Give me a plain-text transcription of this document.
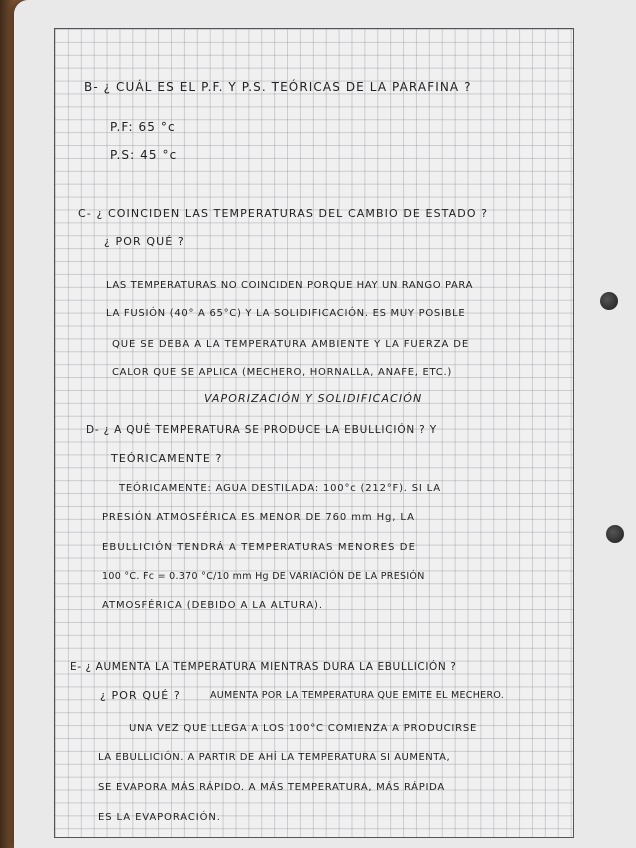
B- ¿ CUÁL ES EL P.F. Y P.S. TEÓRICAS DE LA PARAFINA ?
P.F: 65 °c
P.S: 45 °c
C- ¿ COINCIDEN LAS TEMPERATURAS DEL CAMBIO DE ESTADO ?
¿ POR QUÉ ?
LAS TEMPERATURAS NO COINCIDEN PORQUE HAY UN RANGO PARA
LA FUSIÓN (40° A 65°C) Y LA SOLIDIFICACIÓN. ES MUY POSIBLE
QUE SE DEBA A LA TEMPERATURA AMBIENTE Y LA FUERZA DE
CALOR QUE SE APLICA (MECHERO, HORNALLA, ANAFE, ETC.)
VAPORIZACIÓN Y SOLIDIFICACIÓN
D- ¿ A QUÉ TEMPERATURA SE PRODUCE LA EBULLICIÓN ? Y
TEÓRICAMENTE ?
TEÓRICAMENTE: AGUA DESTILADA: 100°c (212°F). SI LA
PRESIÓN ATMOSFÉRICA ES MENOR DE 760 mm Hg, LA
EBULLICIÓN TENDRÁ A TEMPERATURAS MENORES DE
100 °C. Fc = 0.370 °C/10 mm Hg DE VARIACIÓN DE LA PRESIÓN
ATMOSFÉRICA (DEBIDO A LA ALTURA).
E- ¿ AUMENTA LA TEMPERATURA MIENTRAS DURA LA EBULLICIÓN ?
¿ POR QUÉ ?	AUMENTA POR LA TEMPERATURA QUE EMITE EL MECHERO.
UNA VEZ QUE LLEGA A LOS 100°C COMIENZA A PRODUCIRSE
LA EBULLICIÓN. A PARTIR DE AHÍ LA TEMPERATURA SI AUMENTA,
SE EVAPORA MÁS RÁPIDO. A MÁS TEMPERATURA, MÁS RÁPIDA
ES LA EVAPORACIÓN.
